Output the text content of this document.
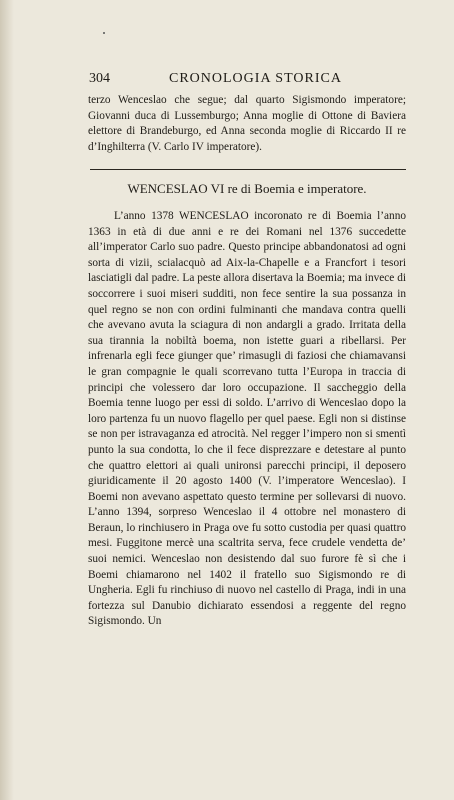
304	CRONOLOGIA STORICA

terzo Wenceslao che segue; dal quarto Sigismondo imperatore; Giovanni duca di Lussemburgo; Anna moglie di Ottone di Baviera elettore di Brandeburgo, ed Anna seconda moglie di Riccardo II re d’Inghilterra (V. Carlo IV imperatore).

WENCESLAO VI re di Boemia e imperatore.

L’anno 1378 WENCESLAO incoronato re di Boemia l’anno 1363 in età di due anni e re dei Romani nel 1376 succedette all’imperator Carlo suo padre. Questo principe abbandonatosi ad ogni sorta di vizii, scialacquò ad Aix-la-Chapelle e a Francfort i tesori lasciatigli dal padre. La peste allora disertava la Boemia; ma invece di soccorrere i suoi miseri sudditi, non fece sentire la sua possanza in quel regno se non con ordini fulminanti che mandava contra quelli che avevano avuta la sciagura di non andargli a grado. Irritata della sua tirannia la nobiltà boema, non istette guari a ribellarsi. Per infrenarla egli fece giunger que’ rimasugli di faziosi che chiamavansi le gran compagnie le quali scorrevano tutta l’Europa in traccia di principi che volessero dar loro occupazione. Il saccheggio della Boemia tenne luogo per essi di soldo. L’arrivo di Wenceslao dopo la loro partenza fu un nuovo flagello per quel paese. Egli non si distinse se non per istravaganza ed atrocità. Nel regger l’impero non si smentì punto la sua condotta, lo che il fece disprezzare e detestare al punto che quattro elettori ai quali unironsi parecchi principi, il deposero giuridicamente il 20 agosto 1400 (V. l’imperatore Wenceslao). I Boemi non avevano aspettato questo termine per sollevarsi di nuovo. L’anno 1394, sorpreso Wenceslao il 4 ottobre nel monastero di Beraun, lo rinchiusero in Praga ove fu sotto custodia per quasi quattro mesi. Fuggitone mercè una scaltrita serva, fece crudele vendetta de’ suoi nemici. Wenceslao non desistendo dal suo furore fè sì che i Boemi chiamarono nel 1402 il fratello suo Sigismondo re di Ungheria. Egli fu rinchiuso di nuovo nel castello di Praga, indi in una fortezza sul Danubio dichiarato essendosi a reggente del regno Sigismondo. Un
